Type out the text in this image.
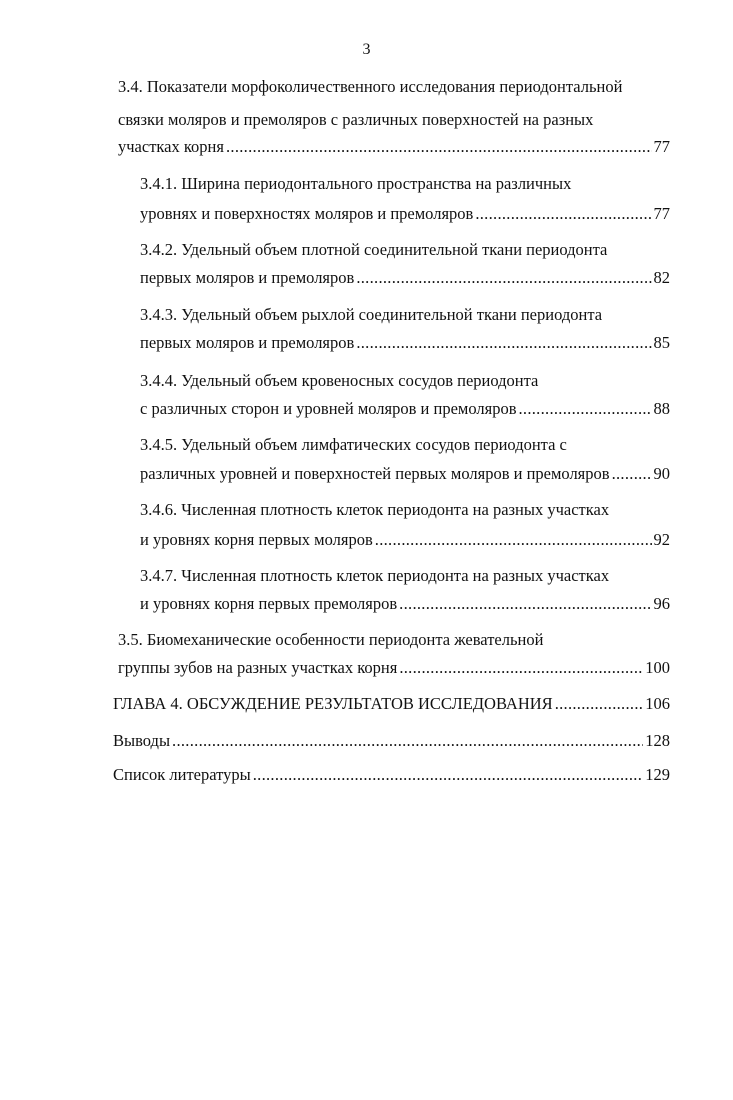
3
3.4. Показатели морфоколичественного исследования периодонтальной
связки моляров и премоляров с различных поверхностей на разных
участках корня .....	77
3.4.1. Ширина периодонтального пространства на различных
уровнях и поверхностях моляров и премоляров .....	77
3.4.2. Удельный объем плотной соединительной ткани периодонта
первых моляров и премоляров .....	82
3.4.3. Удельный объем рыхлой соединительной ткани периодонта
первых моляров и премоляров .....	85
3.4.4. Удельный объем кровеносных сосудов периодонта
с различных сторон и уровней моляров и премоляров .....	88
3.4.5. Удельный объем лимфатических сосудов периодонта с
различных уровней и поверхностей первых моляров и премоляров .....	90
3.4.6. Численная плотность клеток периодонта на разных участках
и уровнях корня первых моляров .....	92
3.4.7. Численная плотность клеток периодонта на разных участках
и уровнях корня первых премоляров .....	96
3.5. Биомеханические особенности периодонта жевательной
группы зубов на разных участках корня .....	100
ГЛАВА 4. ОБСУЖДЕНИЕ РЕЗУЛЬТАТОВ ИССЛЕДОВАНИЯ .....	106
Выводы .....	128
Список литературы .....	129
